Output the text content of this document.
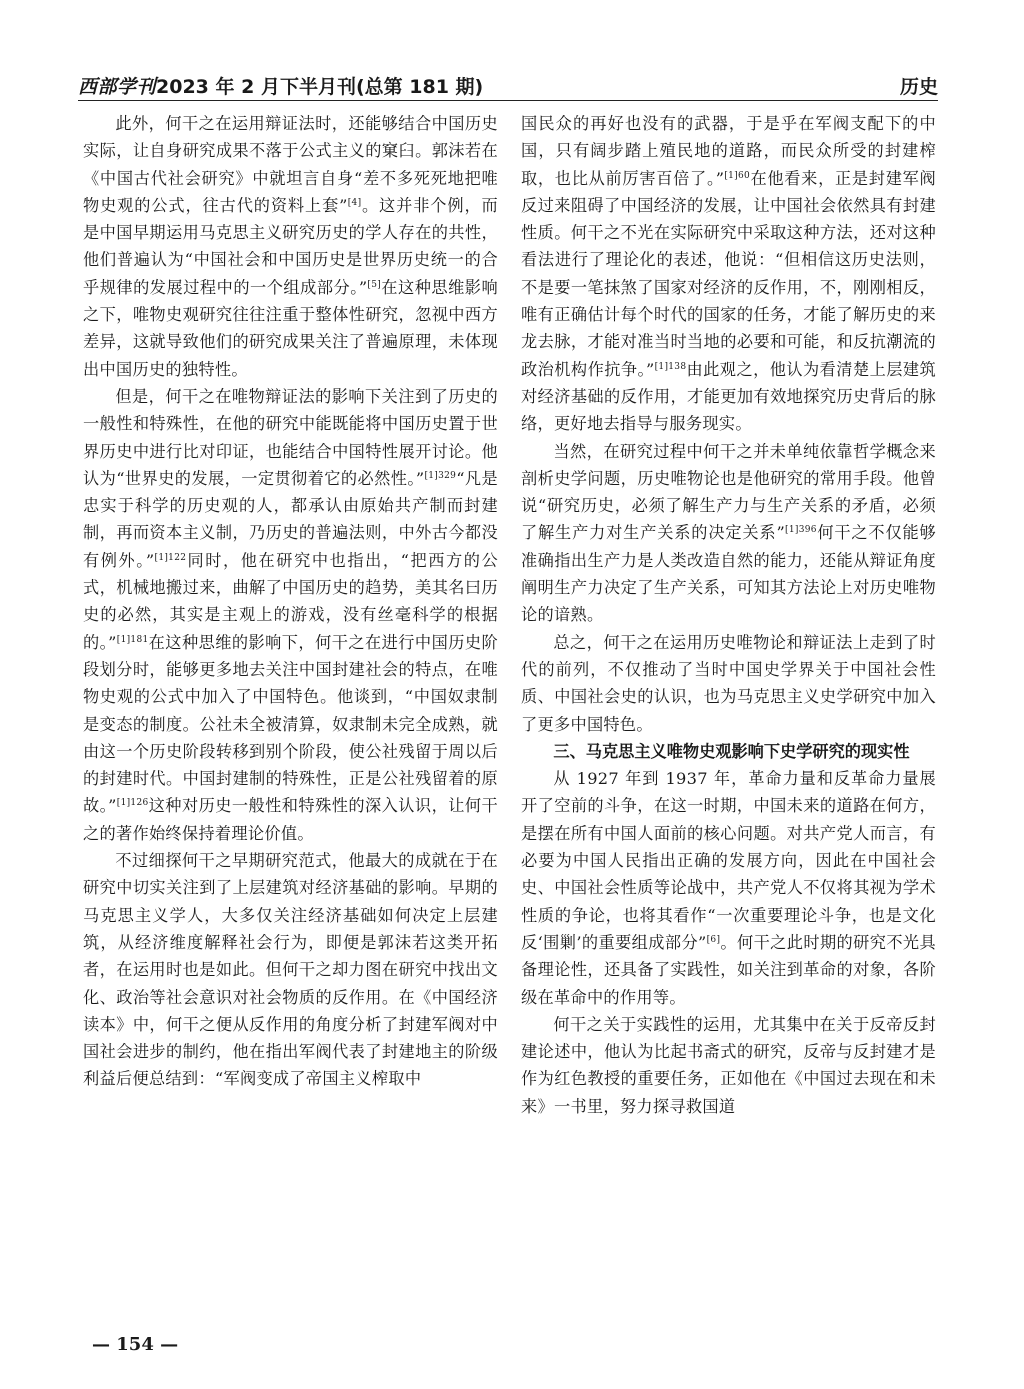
西部学刊2023 年 2 月下半月刊(总第 181 期)	历史

此外，何干之在运用辩证法时，还能够结合中国历史实际，让自身研究成果不落于公式主义的窠臼。郭沫若在《中国古代社会研究》中就坦言自身“差不多死死地把唯物史观的公式，往古代的资料上套”[4]。这并非个例，而是中国早期运用马克思主义研究历史的学人存在的共性，他们普遍认为“中国社会和中国历史是世界历史统一的合乎规律的发展过程中的一个组成部分。”[5]在这种思维影响之下，唯物史观研究往往注重于整体性研究，忽视中西方差异，这就导致他们的研究成果关注了普遍原理，未体现出中国历史的独特性。

但是，何干之在唯物辩证法的影响下关注到了历史的一般性和特殊性，在他的研究中能既能将中国历史置于世界历史中进行比对印证，也能结合中国特性展开讨论。他认为“世界史的发展，一定贯彻着它的必然性。”$^{[1]329}$“凡是忠实于科学的历史观的人，都承认由原始共产制而封建制，再而资本主义制，乃历史的普遍法则，中外古今都没有例外。”$^{[1]122}$同时，他在研究中也指出，“把西方的公式，机械地搬过来，曲解了中国历史的趋势，美其名曰历史的必然，其实是主观上的游戏，没有丝毫科学的根据的。”$^{[1]181}$在这种思维的影响下，何干之在进行中国历史阶段划分时，能够更多地去关注中国封建社会的特点，在唯物史观的公式中加入了中国特色。他谈到，“中国奴隶制是变态的制度。公社未全被清算，奴隶制未完全成熟，就由这一个历史阶段转移到别个阶段，使公社残留于周以后的封建时代。中国封建制的特殊性，正是公社残留着的原故。”$^{[1]126}$这种对历史一般性和特殊性的深入认识，让何干之的著作始终保持着理论价值。

不过细探何干之早期研究范式，他最大的成就在于在研究中切实关注到了上层建筑对经济基础的影响。早期的马克思主义学人，大多仅关注经济基础如何决定上层建筑，从经济维度解释社会行为，即便是郭沫若这类开拓者，在运用时也是如此。但何干之却力图在研究中找出文化、政治等社会意识对社会物质的反作用。在《中国经济读本》中，何干之便从反作用的角度分析了封建军阀对中国社会进步的制约，他在指出军阀代表了封建地主的阶级利益后便总结到：“军阀变成了帝国主义榨取中

国民众的再好也没有的武器，于是乎在军阀支配下的中国，只有阔步踏上殖民地的道路，而民众所受的封建榨取，也比从前厉害百倍了。”$^{[1]60}$在他看来，正是封建军阀反过来阻碍了中国经济的发展，让中国社会依然具有封建性质。何干之不光在实际研究中采取这种方法，还对这种看法进行了理论化的表述，他说：“但相信这历史法则，不是要一笔抹煞了国家对经济的反作用，不，刚刚相反，唯有正确估计每个时代的国家的任务，才能了解历史的来龙去脉，才能对准当时当地的必要和可能，和反抗潮流的政治机构作抗争。”$^{[1]138}$由此观之，他认为看清楚上层建筑对经济基础的反作用，才能更加有效地探究历史背后的脉络，更好地去指导与服务现实。

当然，在研究过程中何干之并未单纯依靠哲学概念来剖析史学问题，历史唯物论也是他研究的常用手段。他曾说“研究历史，必须了解生产力与生产关系的矛盾，必须了解生产力对生产关系的决定关系”$^{[1]396}$何干之不仅能够准确指出生产力是人类改造自然的能力，还能从辩证角度阐明生产力决定了生产关系，可知其方法论上对历史唯物论的谙熟。

总之，何干之在运用历史唯物论和辩证法上走到了时代的前列，不仅推动了当时中国史学界关于中国社会性质、中国社会史的认识，也为马克思主义史学研究中加入了更多中国特色。

三、马克思主义唯物史观影响下史学研究的现实性

从 1927 年到 1937 年，革命力量和反革命力量展开了空前的斗争，在这一时期，中国未来的道路在何方，是摆在所有中国人面前的核心问题。对共产党人而言，有必要为中国人民指出正确的发展方向，因此在中国社会史、中国社会性质等论战中，共产党人不仅将其视为学术性质的争论，也将其看作“一次重要理论斗争，也是文化反‘围剿’的重要组成部分”[6]。何干之此时期的研究不光具备理论性，还具备了实践性，如关注到革命的对象，各阶级在革命中的作用等。

何干之关于实践性的运用，尤其集中在关于反帝反封建论述中，他认为比起书斋式的研究，反帝与反封建才是作为红色教授的重要任务，正如他在《中国过去现在和未来》一书里，努力探寻救国道

— 154 —
